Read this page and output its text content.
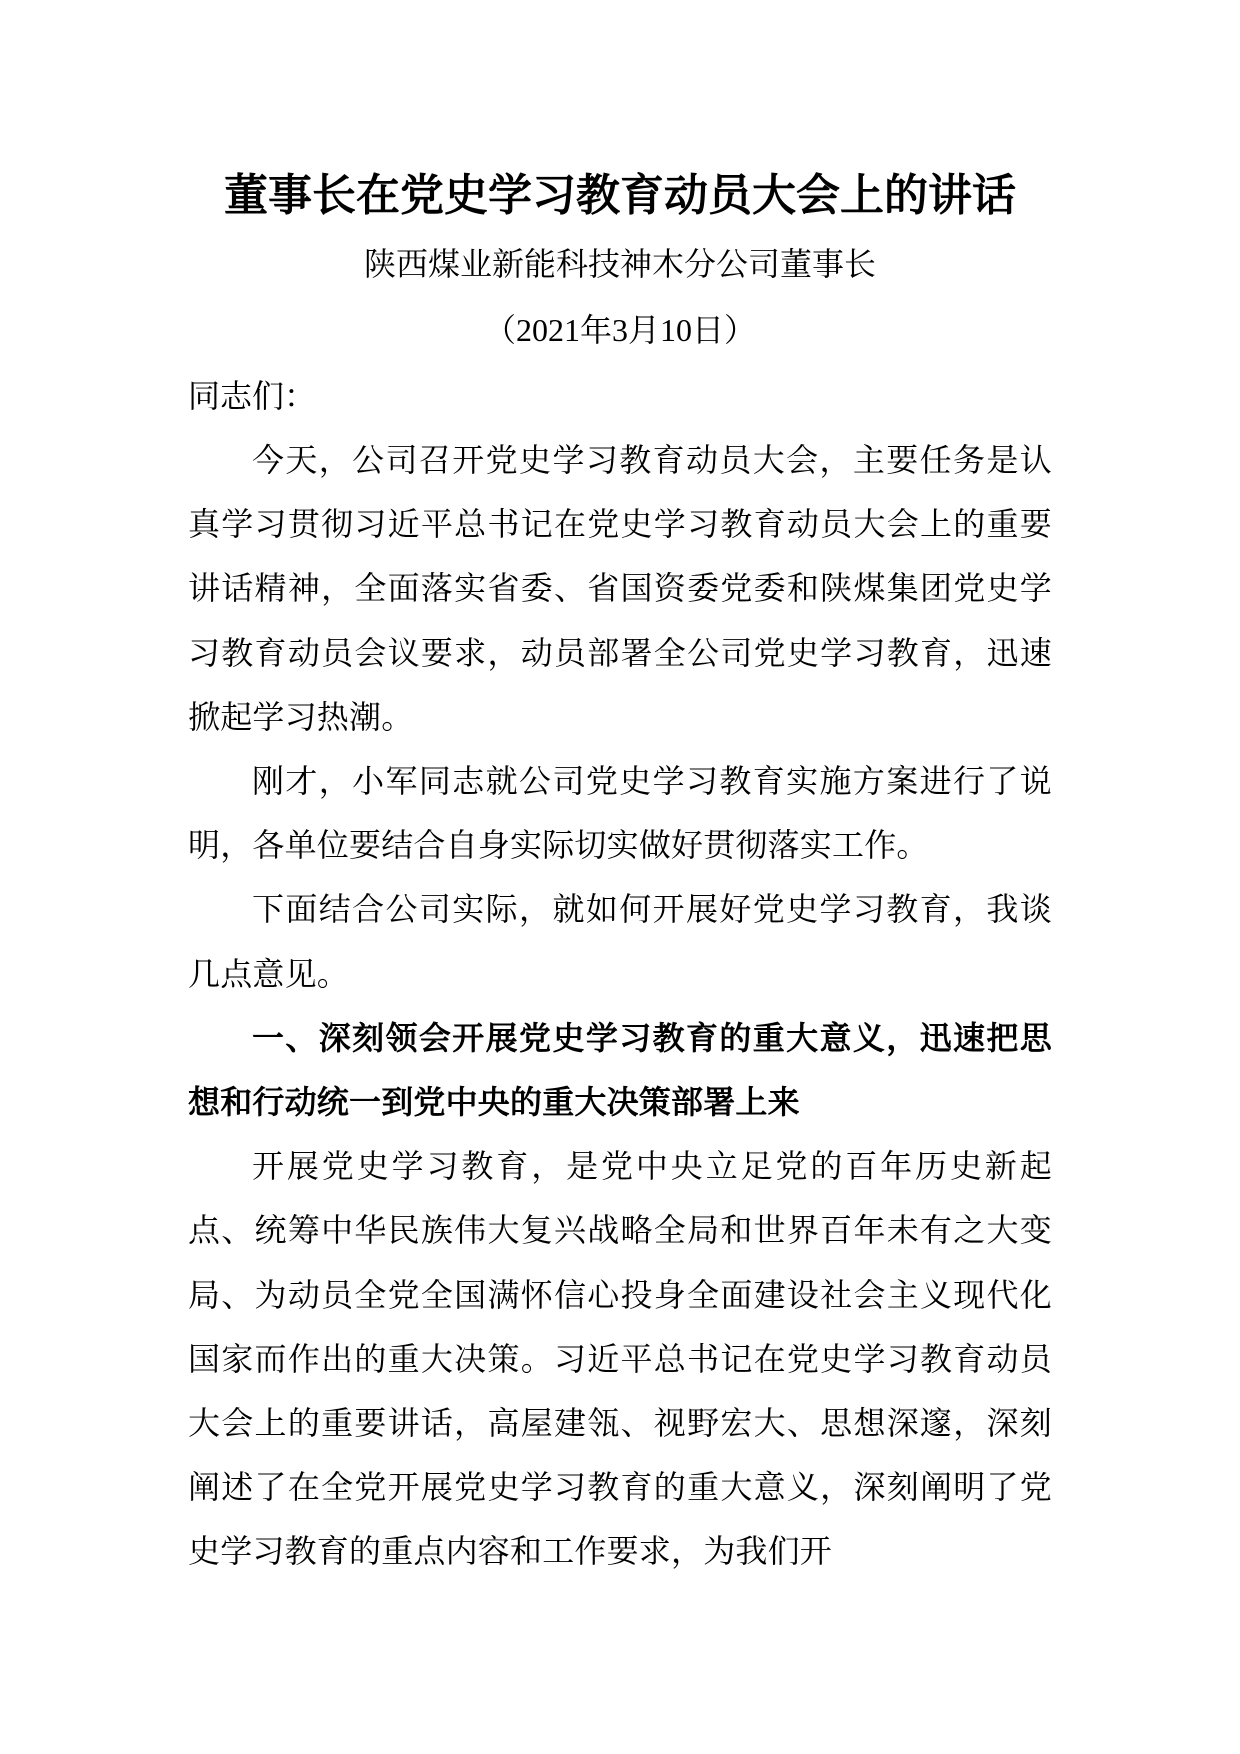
董事长在党史学习教育动员大会上的讲话
陕西煤业新能科技神木分公司董事长
（2021年3月10日）
同志们：

今天，公司召开党史学习教育动员大会，主要任务是认真学习贯彻习近平总书记在党史学习教育动员大会上的重要讲话精神，全面落实省委、省国资委党委和陕煤集团党史学习教育动员会议要求，动员部署全公司党史学习教育，迅速掀起学习热潮。

刚才，小军同志就公司党史学习教育实施方案进行了说明，各单位要结合自身实际切实做好贯彻落实工作。

下面结合公司实际，就如何开展好党史学习教育，我谈几点意见。

一、深刻领会开展党史学习教育的重大意义，迅速把思想和行动统一到党中央的重大决策部署上来

开展党史学习教育，是党中央立足党的百年历史新起点、统筹中华民族伟大复兴战略全局和世界百年未有之大变局、为动员全党全国满怀信心投身全面建设社会主义现代化国家而作出的重大决策。习近平总书记在党史学习教育动员大会上的重要讲话，高屋建瓴、视野宏大、思想深邃，深刻阐述了在全党开展党史学习教育的重大意义，深刻阐明了党史学习教育的重点内容和工作要求，为我们开
